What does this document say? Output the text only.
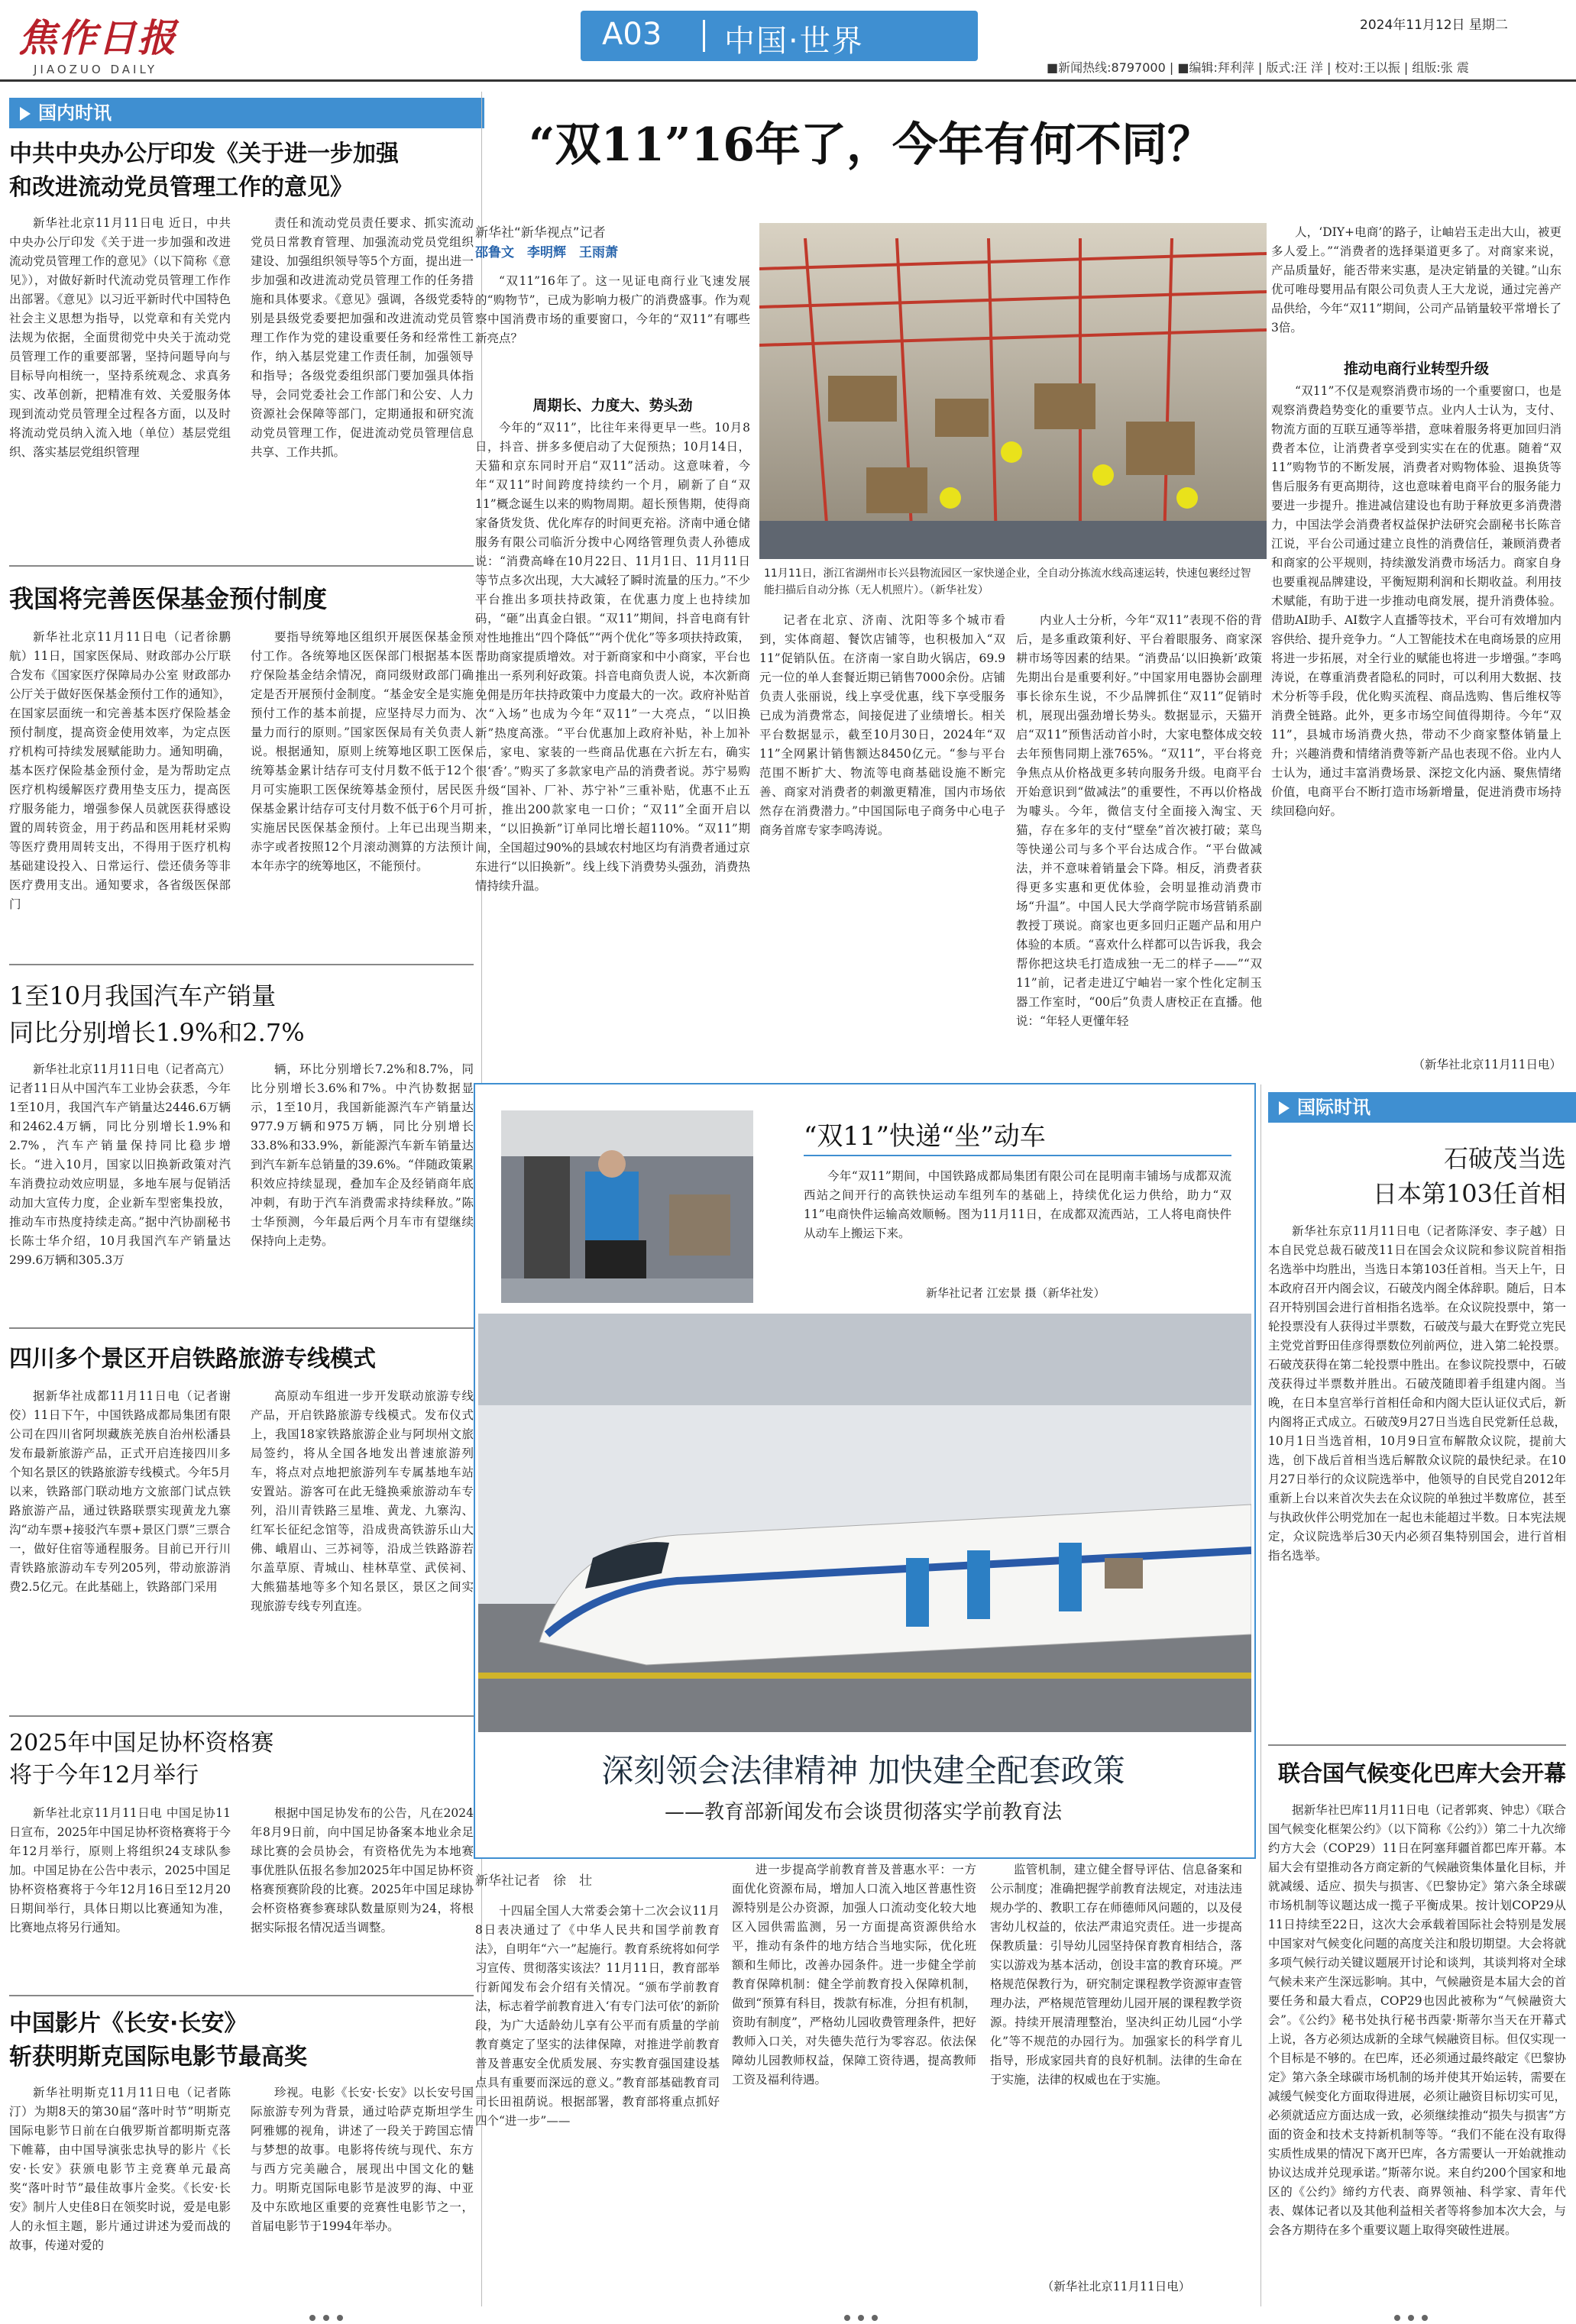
焦作日报
JIAOZUO DAILY
A03 中国·世界	2024年11月12日 星期二
■新闻热线:8797000 | ■编辑:拜利萍 | 版式:汪 洋 | 校对:王以振 | 组版:张 震
国内时讯
中共中央办公厅印发《关于进一步加强
和改进流动党员管理工作的意见》

新华社北京11月11日电 近日，中共中央办公厅印发《关于进一步加强和改进流动党员管理工作的意见》（以下简称《意见》），对做好新时代流动党员管理工作作出部署。《意见》以习近平新时代中国特色社会主义思想为指导，以党章和有关党内法规为依据，全面贯彻党中央关于流动党员管理工作的重要部署，坚持问题导向与目标导向相统一，坚持系统观念、求真务实、改革创新，把精准有效、关爱服务体现到流动党员管理全过程各方面，以及时将流动党员纳入流入地（单位）基层党组织、落实基层党组织管理

责任和流动党员责任要求、抓实流动党员日常教育管理、加强流动党员党组织建设、加强组织领导等5个方面，提出进一步加强和改进流动党员管理工作的任务措施和具体要求。《意见》强调，各级党委特别是县级党委要把加强和改进流动党员管理工作作为党的建设重要任务和经常性工作，纳入基层党建工作责任制，加强领导和指导；各级党委组织部门要加强具体指导，会同党委社会工作部门和公安、人力资源社会保障等部门，定期通报和研究流动党员管理工作，促进流动党员管理信息共享、工作共抓。

我国将完善医保基金预付制度

新华社北京11月11日电（记者徐鹏航）11日，国家医保局、财政部办公厅联合发布《国家医疗保障局办公室 财政部办公厅关于做好医保基金预付工作的通知》，在国家层面统一和完善基本医疗保险基金预付制度，提高资金使用效率，为定点医疗机构可持续发展赋能助力。通知明确，基本医疗保险基金预付金，是为帮助定点医疗机构缓解医疗费用垫支压力，提高医疗服务能力，增强参保人员就医获得感设置的周转资金，用于药品和医用耗材采购等医疗费用周转支出，不得用于医疗机构基础建设投入、日常运行、偿还债务等非医疗费用支出。通知要求，各省级医保部门

要指导统筹地区组织开展医保基金预付工作。各统筹地区医保部门根据基本医疗保险基金结余情况，商同级财政部门确定是否开展预付金制度。“基金安全是实施预付工作的基本前提，应坚持尽力而为、量力而行的原则。”国家医保局有关负责人说。根据通知，原则上统筹地区职工医保统筹基金累计结存可支付月数不低于12个月可实施职工医保统筹基金预付，居民医保基金累计结存可支付月数不低于6个月可实施居民医保基金预付。上年已出现当期赤字或者按照12个月滚动测算的方法预计本年赤字的统筹地区，不能预付。

1至10月我国汽车产销量
同比分别增长1.9%和2.7%

新华社北京11月11日电（记者高亢）记者11日从中国汽车工业协会获悉，今年1至10月，我国汽车产销量达2446.6万辆和2462.4万辆，同比分别增长1.9%和2.7%，汽车产销量保持同比稳步增长。“进入10月，国家以旧换新政策对汽车消费拉动效应明显，多地车展与促销活动加大宣传力度，企业新车型密集投放，推动车市热度持续走高。”据中汽协副秘书长陈士华介绍，10月我国汽车产销量达299.6万辆和305.3万

辆，环比分别增长7.2%和8.7%，同比分别增长3.6%和7%。中汽协数据显示，1至10月，我国新能源汽车产销量达977.9万辆和975万辆，同比分别增长33.8%和33.9%，新能源汽车新车销量达到汽车新车总销量的39.6%。“伴随政策累积效应持续显现，叠加车企及经销商年底冲刺，有助于汽车消费需求持续释放。”陈士华预测，今年最后两个月车市有望继续保持向上走势。

四川多个景区开启铁路旅游专线模式

据新华社成都11月11日电（记者谢佼）11日下午，中国铁路成都局集团有限公司在四川省阿坝藏族羌族自治州松潘县发布最新旅游产品，正式开启连接四川多个知名景区的铁路旅游专线模式。今年5月以来，铁路部门联动地方文旅部门试点铁路旅游产品，通过铁路联票实现黄龙九寨沟“动车票+接驳汽车票+景区门票”三票合一，做好住宿等通程服务。目前已开行川青铁路旅游动车专列205列，带动旅游消费2.5亿元。在此基础上，铁路部门采用

高原动车组进一步开发联动旅游专线产品，开启铁路旅游专线模式。发布仪式上，我国18家铁路旅游企业与阿坝州文旅局签约，将从全国各地发出普速旅游列车，将点对点地把旅游列车专属基地车站安置站。游客可在此无缝换乘旅游动车专列，沿川青铁路三星堆、黄龙、九寨沟、红军长征纪念馆等，沿成贵高铁游乐山大佛、峨眉山、三苏祠等，沿成兰铁路游若尔盖草原、青城山、桂林草堂、武侯祠、大熊猫基地等多个知名景区，景区之间实现旅游专线专列直连。

2025年中国足协杯资格赛
将于今年12月举行

新华社北京11月11日电 中国足协11日宣布，2025年中国足协杯资格赛将于今年12月举行，原则上将组织24支球队参加。中国足协在公告中表示，2025中国足协杯资格赛将于今年12月16日至12月20日期间举行，具体日期以比赛通知为准，比赛地点将另行通知。

根据中国足协发布的公告，凡在2024年8月9日前，向中国足协备案本地业余足球比赛的会员协会，有资格优先为本地赛事优胜队伍报名参加2025年中国足协杯资格赛预赛阶段的比赛。2025年中国足球协会杯资格赛参赛球队数量原则为24，将根据实际报名情况适当调整。

中国影片《长安·长安》
斩获明斯克国际电影节最高奖

新华社明斯克11月11日电（记者陈汀）为期8天的第30届“落叶时节”明斯克国际电影节日前在白俄罗斯首都明斯克落下帷幕，由中国导演张忠执导的影片《长安·长安》获颁电影节主竞赛单元最高奖“落叶时节”最佳故事片金奖。《长安·长安》制片人史佳8日在领奖时说，爱是电影人的永恒主题，影片通过讲述为爱而战的故事，传递对爱的

珍视。电影《长安·长安》以长安号国际旅游专列为背景，通过哈萨克斯坦学生阿雅娜的视角，讲述了一段关于跨国忘情与梦想的故事。电影将传统与现代、东方与西方完美融合，展现出中国文化的魅力。明斯克国际电影节是波罗的海、中亚及中东欧地区重要的竞赛性电影节之一，首届电影节于1994年举办。

“双11”16年了，今年有何不同？
新华社“新华视点”记者
邵鲁文　李明辉　王雨萧

“双11”16年了。这一见证电商行业飞速发展的“购物节”，已成为影响力极广的消费盛事。作为观察中国消费市场的重要窗口，今年的“双11”有哪些新亮点？

周期长、力度大、势头劲

今年的“双11”，比往年来得更早一些。10月8日，抖音、拼多多便启动了大促预热；10月14日，天猫和京东同时开启“双11”活动。这意味着，今年“双11”时间跨度持续约一个月，刷新了自“双11”概念诞生以来的购物周期。超长预售期，使得商家备货发货、优化库存的时间更充裕。济南中通仓储服务有限公司临沂分拨中心网络管理负责人孙德成说：“消费高峰在10月22日、11月1日、11月11日等节点多次出现，大大减轻了瞬时流量的压力。”不少平台推出多项扶持政策，在优惠力度上也持续加码，“砸”出真金白银。“双11”期间，抖音电商有针对性地推出“四个降低”“两个优化”等多项扶持政策，帮助商家提质增效。对于新商家和中小商家，平台也推出一系列利好政策。抖音电商负责人说，本次新商免佣是历年扶持政策中力度最大的一次。政府补贴首次“入场”也成为今年“双11”一大亮点，“以旧换新”热度高涨。“平台优惠加上政府补贴，补上加补后，家电、家装的一些商品优惠在六折左右，确实很‘香’。”购买了多款家电产品的消费者说。苏宁易购升级“国补、厂补、苏宁补”三重补贴，优惠不止五折，推出200款家电一口价；“双11”全面开启以来，“以旧换新”订单同比增长超110%。“双11”期间，全国超过90%的县域农村地区均有消费者通过京东进行“以旧换新”。线上线下消费势头强劲，消费热情持续升温。

11月11日，浙江省湖州市长兴县物流园区一家快递企业，全自动分拣流水线高速运转，快速包裹经过智能扫描后自动分拣（无人机照片）。（新华社发）

记者在北京、济南、沈阳等多个城市看到，实体商超、餐饮店铺等，也积极加入“双11”促销队伍。在济南一家自助火锅店，69.9元一位的单人套餐近期已销售7000余份。店铺负责人张丽说，线上享受优惠，线下享受服务已成为消费常态，间接促进了业绩增长。相关平台数据显示，截至10月30日，2024年“双11”全网累计销售额达8450亿元。“参与平台范围不断扩大、物流等电商基础设施不断完善、商家对消费者的刺激更精准，国内市场依然存在消费潜力。”中国国际电子商务中心电子商务首席专家李鸣涛说。

内业人士分析，今年“双11”表现不俗的背后，是多重政策利好、平台着眼服务、商家深耕市场等因素的结果。“消费品‘以旧换新’政策先期出台是重要利好。”中国家用电器协会副理事长徐东生说，不少品牌抓住“双11”促销时机，展现出强劲增长势头。数据显示，天猫开启“双11”预售活动首小时，大家电整体成交较去年预售同期上涨765%。“双11”，平台将竞争焦点从价格战更多转向服务升级。电商平台开始意识到“做减法”的重要性，不再以价格战为噱头。今年，微信支付全面接入淘宝、天猫，存在多年的支付“壁垒”首次被打破；菜鸟等快递公司与多个平台达成合作。“平台做减法，并不意味着销量会下降。相反，消费者获得更多实惠和更优体验，会明显推动消费市场“升温”。中国人民大学商学院市场营销系副教授丁瑛说。商家也更多回归正题产品和用户体验的本质。“喜欢什么样都可以告诉我，我会帮你把这块毛打造成独一无二的样子——”“双11”前，记者走进辽宁岫岩一家个性化定制玉器工作室时，“00后”负责人唐校正在直播。他说：“年轻人更懂年轻

人，‘DIY+电商’的路子，让岫岩玉走出大山，被更多人爱上。”“消费者的选择渠道更多了。对商家来说，产品质量好，能否带来实惠，是决定销量的关键。”山东优可唯母婴用品有限公司负责人王大龙说，通过完善产品供给，今年“双11”期间，公司产品销量较平常增长了3倍。

推动电商行业转型升级

“双11”不仅是观察消费市场的一个重要窗口，也是观察消费趋势变化的重要节点。业内人士认为，支付、物流方面的互联互通等举措，意味着服务将更加回归消费者本位，让消费者享受到实实在在的优惠。随着“双11”购物节的不断发展，消费者对购物体验、退换货等售后服务有更高期待，这也意味着电商平台的服务能力要进一步提升。推进减信建设也有助于释放更多消费潜力，中国法学会消费者权益保护法研究会副秘书长陈音江说，平台公司通过建立良性的消费信任，兼顾消费者和商家的公平规则，持续激发消费市场活力。商家自身也要重视品牌建设，平衡短期利润和长期收益。利用技术赋能，有助于进一步推动电商发展，提升消费体验。借助AI助手、AI数字人直播等技术，平台可有效增加内容供给、提升竞争力。“人工智能技术在电商场景的应用将进一步拓展，对全行业的赋能也将进一步增强。”李鸣涛说，在尊重消费者隐私的同时，可以利用大数据、技术分析等手段，优化购买流程、商品选购、售后维权等消费全链路。此外，更多市场空间值得期待。今年“双11”，县城市场消费火热，带动不少商家整体销量上升；兴趣消费和情绪消费等新产品也表现不俗。业内人士认为，通过丰富消费场景、深挖文化内涵、聚焦情绪价值，电商平台不断打造市场新增量，促进消费市场持续回稳向好。

（新华社北京11月11日电）
“双11”快递“坐”动车

今年“双11”期间，中国铁路成都局集团有限公司在昆明南丰铺场与成都双流西站之间开行的高铁快运动车组列车的基础上，持续优化运力供给，助力“双11”电商快件运输高效顺畅。图为11月11日，在成都双流西站，工人将电商快件从动车上搬运下来。

新华社记者 江宏景 摄（新华社发）
深刻领会法律精神 加快建全配套政策
——教育部新闻发布会谈贯彻落实学前教育法
新华社记者　徐　壮

十四届全国人大常委会第十二次会议11月8日表决通过了《中华人民共和国学前教育法》，自明年“六一”起施行。教育系统将如何学习宣传、贯彻落实该法？11月11日，教育部举行新闻发布会介绍有关情况。“颁布学前教育法，标志着学前教育进入‘有专门法可依’的新阶段，为广大适龄幼儿享有公平而有质量的学前教育奠定了坚实的法律保障，对推进学前教育普及普惠安全优质发展、夯实教育强国建设基点具有重要而深远的意义。”教育部基础教育司司长田祖荫说。根据部署，教育部将重点抓好四个“进一步”——

进一步提高学前教育普及普惠水平：一方面优化资源布局，增加人口流入地区普惠性资源特别是公办资源，加强人口流动变化较大地区入园供需监测，另一方面提高资源供给水平，推动有条件的地方结合当地实际，优化班额和生师比，改善办园条件。进一步健全学前教育保障机制：健全学前教育投入保障机制，做到“预算有科目，拨款有标准，分担有机制，资助有制度”，严格幼儿园收费管理条件，把好教师入口关，对失德失范行为零容忍。依法保障幼儿园教师权益，保障工资待遇，提高教师工资及福利待遇。

监管机制，建立健全督导评估、信息备案和公示制度；准确把握学前教育法规定，对违法违规办学的、教职工存在师德师风问题的，以及侵害幼儿权益的，依法严肃追究责任。进一步提高保教质量：引导幼儿园坚持保育教育相结合，落实以游戏为基本活动，创设丰富的教育环境。严格规范保教行为，研究制定课程教学资源审查管理办法，严格规范管理幼儿园开展的课程教学资源。持续开展清理整治，坚决纠正幼儿园“小学化”等不规范的办园行为。加强家长的科学育儿指导，形成家园共育的良好机制。法律的生命在于实施，法律的权威也在于实施。

（新华社北京11月11日电）
国际时讯
石破茂当选
日本第103任首相

新华社东京11月11日电（记者陈泽安、李子越）日本自民党总裁石破茂11日在国会众议院和参议院首相指名选举中均胜出，当选日本第103任首相。当天上午，日本政府召开内阁会议，石破茂内阁全体辞职。随后，日本召开特别国会进行首相指名选举。在众议院投票中，第一轮投票没有人获得过半票数，石破茂与最大在野党立宪民主党党首野田佳彦得票数位列前两位，进入第二轮投票。石破茂获得在第二轮投票中胜出。在参议院投票中，石破茂获得过半票数并胜出。石破茂随即着手组建内阁。当晚，在日本皇宫举行首相任命和内阁大臣认证仪式后，新内阁将正式成立。石破茂9月27日当选自民党新任总裁，10月1日当选首相，10月9日宣布解散众议院，提前大选，创下战后首相当选后解散众议院的最快纪录。在10月27日举行的众议院选举中，他领导的自民党自2012年重新上台以来首次失去在众议院的单独过半数席位，甚至与执政伙伴公明党加在一起也未能超过半数。日本宪法规定，众议院选举后30天内必须召集特别国会，进行首相指名选举。

联合国气候变化巴库大会开幕

据新华社巴库11月11日电（记者郭爽、钟忠）《联合国气候变化框架公约》（以下简称《公约》）第二十九次缔约方大会（COP29）11日在阿塞拜疆首都巴库开幕。本届大会有望推动各方商定新的气候融资集体量化目标，并就减缓、适应、损失与损害、《巴黎协定》第六条全球碳市场机制等议题达成一揽子平衡成果。按计划COP29从11日持续至22日，这次大会承载着国际社会特别是发展中国家对气候变化问题的高度关注和殷切期望。大会将就多项气候行动关键议题展开讨论和谈判，其谈判将对全球气候未来产生深远影响。其中，气候融资是本届大会的首要任务和最大看点，COP29也因此被称为“气候融资大会”。《公约》秘书处执行秘书西蒙·斯蒂尔当天在开幕式上说，各方必须达成新的全球气候融资目标。但仅实现一个目标是不够的。在巴库，还必须通过最终敲定《巴黎协定》第六条全球碳市场机制的场并使其开始运转，需要在减缓气候变化方面取得进展，必须让融资目标切实可见，必须就适应方面达成一致，必须继续推动“损失与损害”方面的资金和技术支持新机制等等。“我们不能在没有取得实质性成果的情况下离开巴库，各方需要认一开始就推动协议达成并兑现承诺。”斯蒂尔说。来自约200个国家和地区的《公约》缔约方代表、商界领袖、科学家、青年代表、媒体记者以及其他利益相关者等将参加本次大会，与会各方期待在多个重要议题上取得突破性进展。
